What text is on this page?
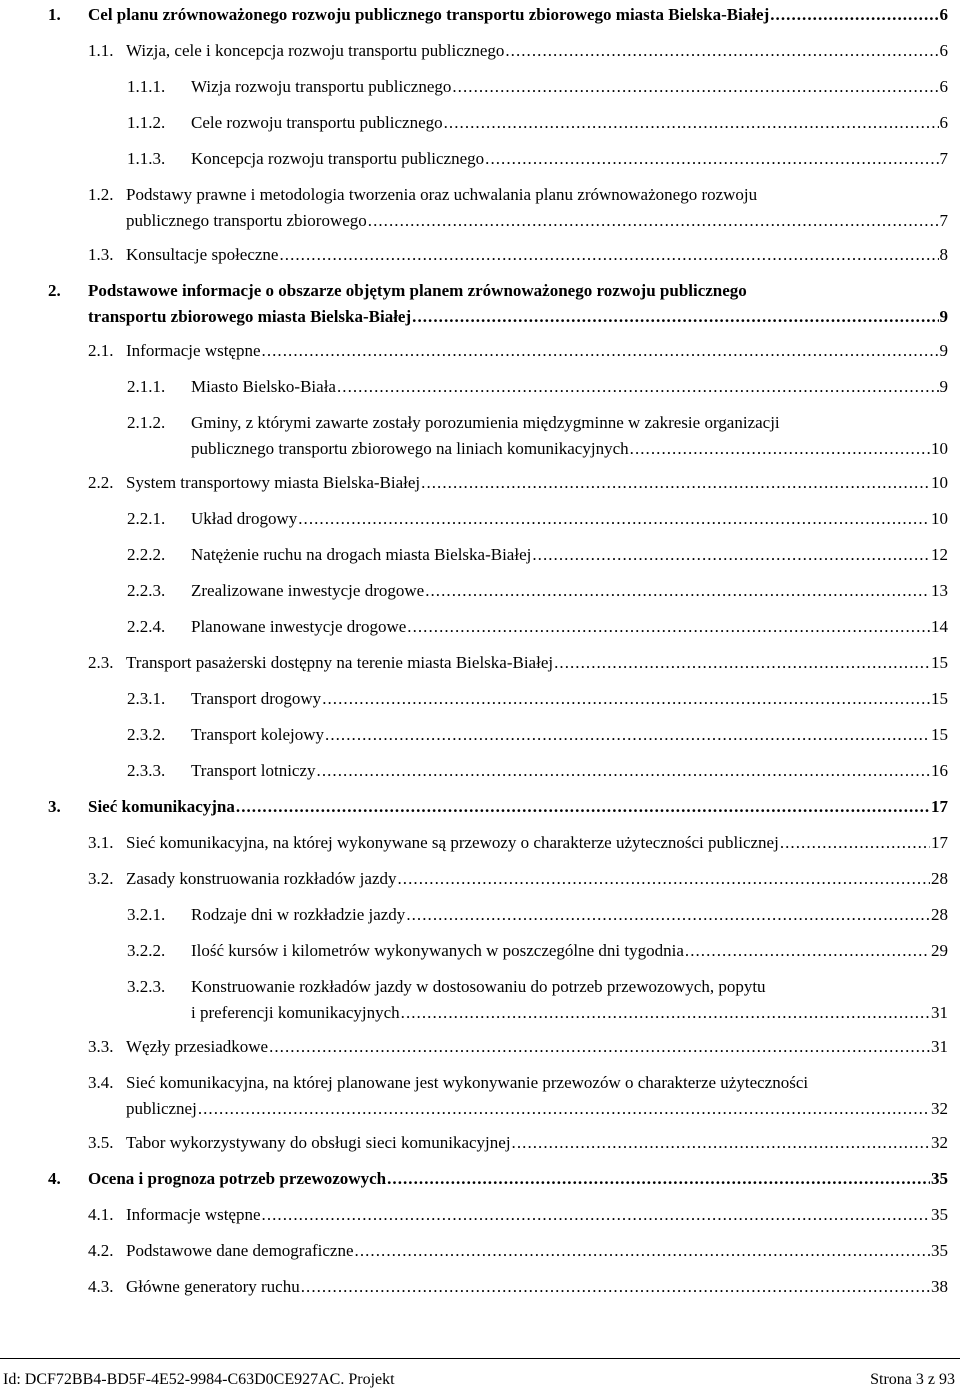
1.	Cel planu zrównoważonego rozwoju publicznego transportu zbiorowego miasta Bielska-Białej . . .	6
1.1. Wizja, cele i koncepcja rozwoju transportu publicznego . . .	6
1.1.1.	Wizja rozwoju transportu publicznego . . .	6
1.1.2.	Cele rozwoju transportu publicznego . . .	6
1.1.3.	Koncepcja rozwoju transportu publicznego . . .	7
1.2. Podstawy prawne i metodologia tworzenia oraz uchwalania planu zrównoważonego rozwoju
publicznego transportu zbiorowego . . .	7
1.3. Konsultacje społeczne . . .	8
2.	Podstawowe informacje o obszarze objętym planem zrównoważonego rozwoju publicznego
transportu zbiorowego miasta Bielska-Białej . . .	9
2.1. Informacje wstępne . . .	9
2.1.1.	Miasto Bielsko-Biała . . .	9
2.1.2.	Gminy, z którymi zawarte zostały porozumienia międzygminne w zakresie organizacji
publicznego transportu zbiorowego na liniach komunikacyjnych . . .	10
2.2. System transportowy miasta Bielska-Białej . . .	10
2.2.1.	Układ drogowy . . .	10
2.2.2.	Natężenie ruchu na drogach miasta Bielska-Białej . . .	12
2.2.3.	Zrealizowane inwestycje drogowe . . .	13
2.2.4.	Planowane inwestycje drogowe . . .	14
2.3. Transport pasażerski dostępny na terenie miasta Bielska-Białej . . .	15
2.3.1.	Transport drogowy . . .	15
2.3.2.	Transport kolejowy . . .	15
2.3.3.	Transport lotniczy . . .	16
3.	Sieć komunikacyjna . . .	17
3.1. Sieć komunikacyjna, na której wykonywane są przewozy o charakterze użyteczności publicznej . . .	17
3.2. Zasady konstruowania rozkładów jazdy . . .	28
3.2.1.	Rodzaje dni w rozkładzie jazdy . . .	28
3.2.2.	Ilość kursów i kilometrów wykonywanych w poszczególne dni tygodnia . . .	29
3.2.3.	Konstruowanie rozkładów jazdy w dostosowaniu do potrzeb przewozowych, popytu
i preferencji komunikacyjnych . . .	31
3.3. Węzły przesiadkowe . . .	31
3.4. Sieć komunikacyjna, na której planowane jest wykonywanie przewozów o charakterze użyteczności
publicznej . . .	32
3.5. Tabor wykorzystywany do obsługi sieci komunikacyjnej . . .	32
4.	Ocena i prognoza potrzeb przewozowych . . .	35
4.1. Informacje wstępne . . .	35
4.2. Podstawowe dane demograficzne . . .	35
4.3. Główne generatory ruchu . . .	38
Id: DCF72BB4-BD5F-4E52-9984-C63D0CE927AC. Projekt	Strona 3 z 93
